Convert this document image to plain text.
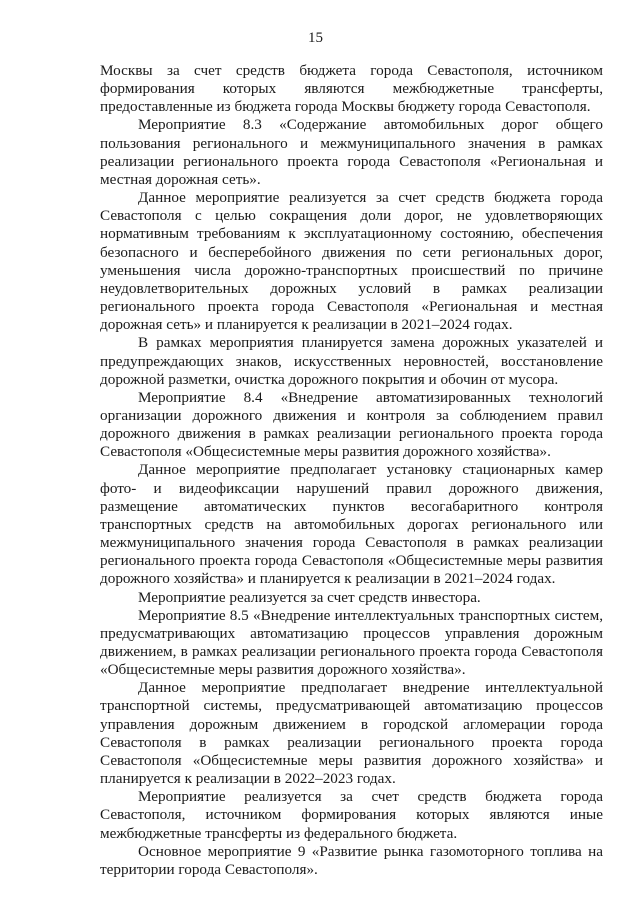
15

Москвы за счет средств бюджета города Севастополя, источником формирования которых являются межбюджетные трансферты, предоставленные из бюджета города Москвы бюджету города Севастополя.

Мероприятие 8.3 «Содержание автомобильных дорог общего пользования регионального и межмуниципального значения в рамках реализации регионального проекта города Севастополя «Региональная и местная дорожная сеть».

Данное мероприятие реализуется за счет средств бюджета города Севастополя с целью сокращения доли дорог, не удовлетворяющих нормативным требованиям к эксплуатационному состоянию, обеспечения безопасного и бесперебойного движения по сети региональных дорог, уменьшения числа дорожно-транспортных происшествий по причине неудовлетворительных дорожных условий в рамках реализации регионального проекта города Севастополя «Региональная и местная дорожная сеть» и планируется к реализации в 2021–2024 годах.

В рамках мероприятия планируется замена дорожных указателей и предупреждающих знаков, искусственных неровностей, восстановление дорожной разметки, очистка дорожного покрытия и обочин от мусора.

Мероприятие 8.4 «Внедрение автоматизированных технологий организации дорожного движения и контроля за соблюдением правил дорожного движения в рамках реализации регионального проекта города Севастополя «Общесистемные меры развития дорожного хозяйства».

Данное мероприятие предполагает установку стационарных камер фото- и видеофиксации нарушений правил дорожного движения, размещение автоматических пунктов весогабаритного контроля транспортных средств на автомобильных дорогах регионального или межмуниципального значения города Севастополя в рамках реализации регионального проекта города Севастополя «Общесистемные меры развития дорожного хозяйства» и планируется к реализации в 2021–2024 годах.

Мероприятие реализуется за счет средств инвестора.

Мероприятие 8.5 «Внедрение интеллектуальных транспортных систем, предусматривающих автоматизацию процессов управления дорожным движением, в рамках реализации регионального проекта города Севастополя «Общесистемные меры развития дорожного хозяйства».

Данное мероприятие предполагает внедрение интеллектуальной транспортной системы, предусматривающей автоматизацию процессов управления дорожным движением в городской агломерации города Севастополя в рамках реализации регионального проекта города Севастополя «Общесистемные меры развития дорожного хозяйства» и планируется к реализации в 2022–2023 годах.

Мероприятие реализуется за счет средств бюджета города Севастополя, источником формирования которых являются иные межбюджетные трансферты из федерального бюджета.

Основное мероприятие 9 «Развитие рынка газомоторного топлива на территории города Севастополя».
